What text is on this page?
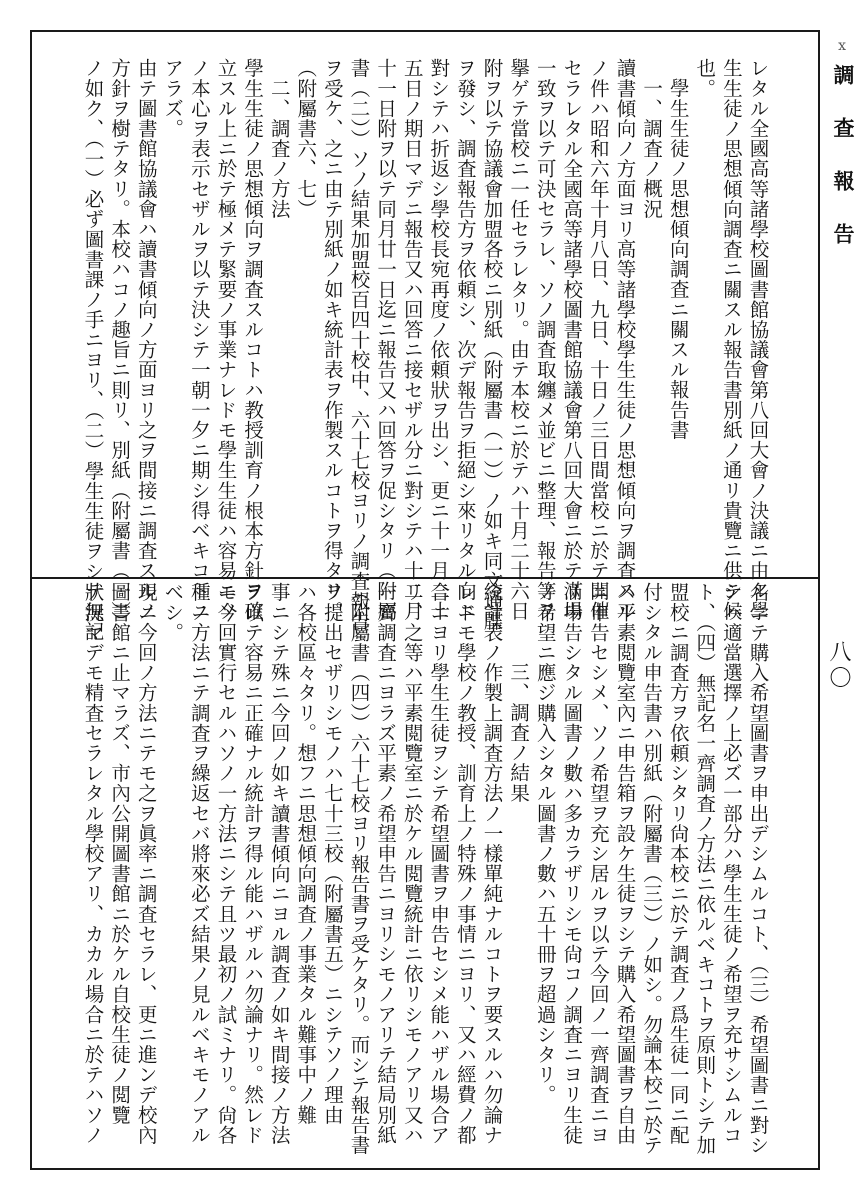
ⅹ
調查報告
八〇
レタル全國高等諸學校圖書館協議會第八回大會ノ決議ニ由ル學
生生徒ノ思想傾向調査ニ關スル報告書別紙ノ通リ貴覽ニ供シ候
也。
學生生徒ノ思想傾向調査ニ關スル報告書
一、調査ノ概況
讀書傾向ノ方面ヨリ高等諸學校學生生徒ノ思想傾向ヲ調査スル
ノ件ハ昭和六年十月八日、九日、十日ノ三日間當校ニ於テ開催
セラレタル全國高等諸學校圖書館協議會第八回大會ニ於テ滿場
一致ヲ以テ可決セラレ、ソノ調査取纏メ並ビニ整理、報告等ヲ
擧ゲテ當校ニ一任セラレタリ。由テ本校ニ於テハ十月二十六日
附ヲ以テ協議會加盟各校ニ別紙（附屬書（一））ノ如キ同文通牒
ヲ發シ、調査報告方ヲ依頼シ、次デ報告ヲ拒絕シ來リタル向ニ
對シテハ折返シ學校長宛再度ノ依頼狀ヲ出シ、更ニ十一月二十
五日ノ期日マデニ報告又ハ回答ニ接セザル分ニ對シテハ十二月
十一日附ヲ以テ同月廿一日迄ニ報告又ハ回答ヲ促シタリ（附屬
書（二））ソノ結果加盟校百四十校中、六十七校ヨリノ調査報告
ヲ受ケ、之ニ由テ別紙ノ如キ統計表ヲ作製スルコトヲ得タリ。
（附屬書六、七）
二、調査ノ方法
學生生徒ノ思想傾向ヲ調査スルコトハ教授訓育ノ根本方針ヲ確
立スル上ニ於テ極メテ緊要ノ事業ナレドモ學生生徒ハ容易ニソ
ノ本心ヲ表示セザルヲ以テ決シテ一朝一夕ニ期シ得ベキコトニ
アラズ。
由テ圖書館協議會ハ讀書傾向ノ方面ヨリ之ヲ間接ニ調査スルノ
方針ヲ樹テタリ。本校ハコノ趣旨ニ則リ、別紙（附屬書（一））
ノ如ク、（一）必ず圖書課ノ手ニヨリ、（二）學生生徒ヲシテ無記
名ニテ購入希望圖書ヲ申出デシムルコト、（三）希望圖書ニ對シ
テハ適當選擇ノ上必ズ一部分ハ學生生徒ノ希望ヲ充サシムルコ
ト、（四）無記名一齊調査ノ方法ニ依ルベキコトヲ原則トシテ加
盟校ニ調査方ヲ依頼シタリ尙本校ニ於テ調査ノ爲生徒一同ニ配
付シタル申告書ハ別紙（附屬書（三））ノ如シ。勿論本校ニ於テ
ハ平素閲覽室內ニ申告箱ヲ設ケ生徒ヲシテ購入希望圖書ヲ自由
ニ申告セシメ、ソノ希望ヲ充シ居ルヲ以テ今回ノ一齊調査ニヨ
リ申告シタル圖書ノ數ハ多カラザリシモ尙コノ調査ニヨリ生徒
ノ希望ニ應ジ購入シタル圖書ノ數ハ五十冊ヲ超過シタリ。
三、調査ノ結果
統計表ノ作製上調査方法ノ一樣單純ナルコトヲ要スルハ勿論ナ
レドモ學校ノ教授、訓育上ノ特殊ノ事情ニヨリ、又ハ經費ノ都
合ニヨリ學生生徒ヲシテ希望圖書ヲ申告セシメ能ハザル場合ア
リ、之等ハ平素閲覽室ニ於ケル閲覽統計ニ依リシモノアリ又ハ
一齊調査ニヨラズ平素ノ希望申告ニヨリシモノアリテ結局別紙
（附屬書（四））六十七校ヨリ報告書ヲ受ケタリ。而シテ報告書
ヲ提出セザリシモノハ七十三校（附屬書五）ニシテソノ理由
ハ各校區々タリ。想フニ思想傾向調査ノ事業タル難事中ノ難
事ニシテ殊ニ今回ノ如キ讀書傾向ニヨル調査ノ如キ間接ノ方法
ヲ以テ容易ニ正確ナル統計ヲ得ル能ハザルハ勿論ナリ。然レド
モ今回實行セルハソノ一方法ニシテ且ツ最初ノ試ミナリ。尙各
種ノ方法ニテ調査ヲ繰返セバ將來必ズ結果ノ見ルベキモノアル
ベシ。
現ニ今回ノ方法ニテモ之ヲ眞率ニ調査セラレ、更ニ進ンデ校內
圖書館ニ止マラズ、市內公開圖書館ニ於ケル自校生徒ノ閲覽
狀況マデモ精査セラレタル學校アリ、カカル場合ニ於テハソノ
